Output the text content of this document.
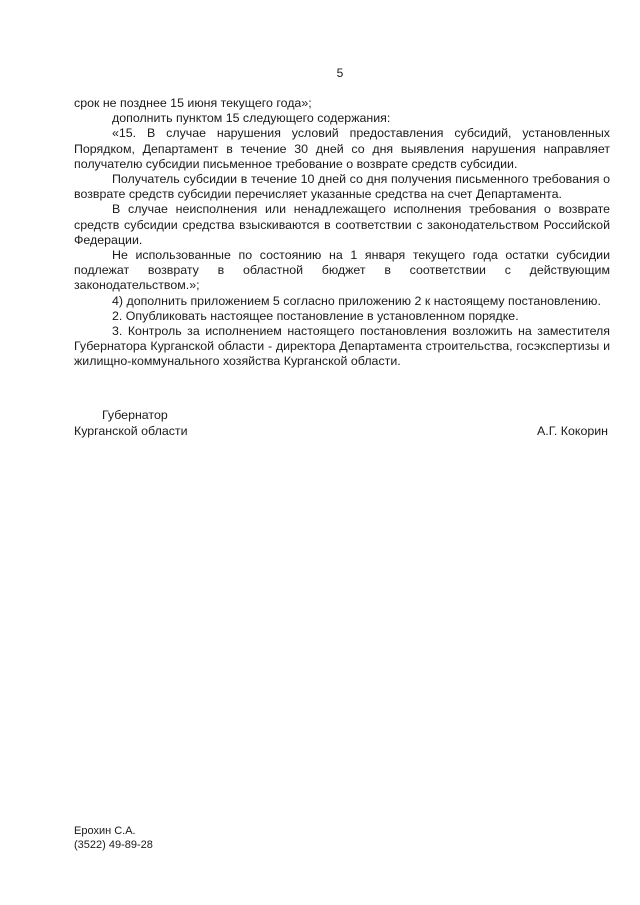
5

срок не позднее 15 июня текущего года»;

дополнить пунктом 15 следующего содержания:

«15. В случае нарушения условий предоставления субсидий, установленных Порядком, Департамент в течение 30 дней со дня выявления нарушения направляет получателю субсидии письменное требование о возврате средств субсидии.

Получатель субсидии в течение 10 дней со дня получения письменного требования о возврате средств субсидии перечисляет указанные средства на счет Департамента.

В случае неисполнения или ненадлежащего исполнения требования о возврате средств субсидии средства взыскиваются в соответствии с законодательством Российской Федерации.

Не использованные по состоянию на 1 января текущего года остатки субсидии подлежат возврату в областной бюджет в соответствии с действующим законодательством.»;

4) дополнить приложением 5 согласно приложению 2 к настоящему постановлению.

2. Опубликовать настоящее постановление в установленном порядке.

3. Контроль за исполнением настоящего постановления возложить на заместителя Губернатора Курганской области - директора Департамента строительства, госэкспертизы и жилищно-коммунального хозяйства Курганской области.

Губернатор
Курганской области	А.Г. Кокорин
Ерохин С.А.
(3522) 49-89-28
